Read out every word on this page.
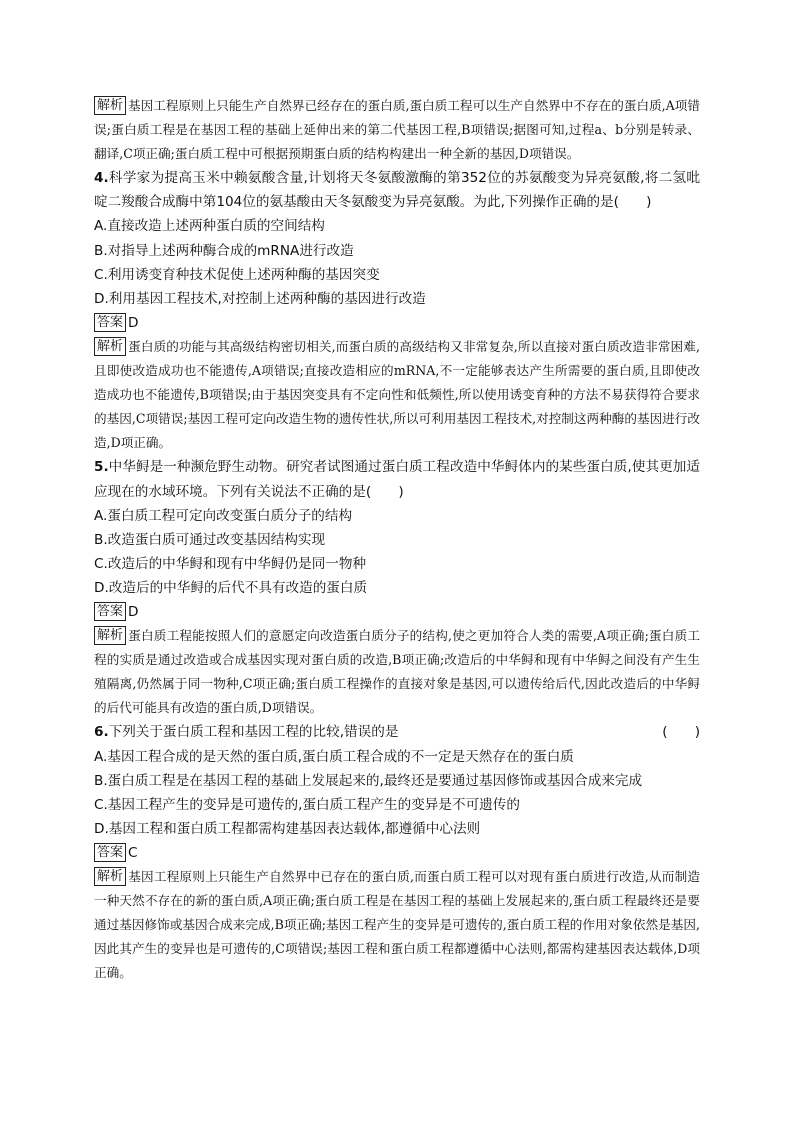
解析 基因工程原则上只能生产自然界已经存在的蛋白质,蛋白质工程可以生产自然界中不存在的蛋白质,A项错误;蛋白质工程是在基因工程的基础上延伸出来的第二代基因工程,B项错误;据图可知,过程a、b分别是转录、翻译,C项正确;蛋白质工程中可根据预期蛋白质的结构构建出一种全新的基因,D项错误。

4.科学家为提高玉米中赖氨酸含量,计划将天冬氨酸激酶的第352位的苏氨酸变为异亮氨酸,将二氢吡啶二羧酸合成酶中第104位的氨基酸由天冬氨酸变为异亮氨酸。为此,下列操作正确的是(　　)

A.直接改造上述两种蛋白质的空间结构

B.对指导上述两种酶合成的mRNA进行改造

C.利用诱变育种技术促使上述两种酶的基因突变

D.利用基因工程技术,对控制上述两种酶的基因进行改造

答案 D

解析 蛋白质的功能与其高级结构密切相关,而蛋白质的高级结构又非常复杂,所以直接对蛋白质改造非常困难,且即使改造成功也不能遗传,A项错误;直接改造相应的mRNA,不一定能够表达产生所需要的蛋白质,且即使改造成功也不能遗传,B项错误;由于基因突变具有不定向性和低频性,所以使用诱变育种的方法不易获得符合要求的基因,C项错误;基因工程可定向改造生物的遗传性状,所以可利用基因工程技术,对控制这两种酶的基因进行改造,D项正确。

5.中华鲟是一种濒危野生动物。研究者试图通过蛋白质工程改造中华鲟体内的某些蛋白质,使其更加适应现在的水域环境。下列有关说法不正确的是(　　)

A.蛋白质工程可定向改变蛋白质分子的结构

B.改造蛋白质可通过改变基因结构实现

C.改造后的中华鲟和现有中华鲟仍是同一物种

D.改造后的中华鲟的后代不具有改造的蛋白质

答案 D

解析 蛋白质工程能按照人们的意愿定向改造蛋白质分子的结构,使之更加符合人类的需要,A项正确;蛋白质工程的实质是通过改造或合成基因实现对蛋白质的改造,B项正确;改造后的中华鲟和现有中华鲟之间没有产生生殖隔离,仍然属于同一物种,C项正确;蛋白质工程操作的直接对象是基因,可以遗传给后代,因此改造后的中华鲟的后代可能具有改造的蛋白质,D项错误。

6.下列关于蛋白质工程和基因工程的比较,错误的是	(　　)

A.基因工程合成的是天然的蛋白质,蛋白质工程合成的不一定是天然存在的蛋白质

B.蛋白质工程是在基因工程的基础上发展起来的,最终还是要通过基因修饰或基因合成来完成

C.基因工程产生的变异是可遗传的,蛋白质工程产生的变异是不可遗传的

D.基因工程和蛋白质工程都需构建基因表达载体,都遵循中心法则

答案 C

解析 基因工程原则上只能生产自然界中已存在的蛋白质,而蛋白质工程可以对现有蛋白质进行改造,从而制造一种天然不存在的新的蛋白质,A项正确;蛋白质工程是在基因工程的基础上发展起来的,蛋白质工程最终还是要通过基因修饰或基因合成来完成,B项正确;基因工程产生的变异是可遗传的,蛋白质工程的作用对象依然是基因,因此其产生的变异也是可遗传的,C项错误;基因工程和蛋白质工程都遵循中心法则,都需构建基因表达载体,D项正确。
